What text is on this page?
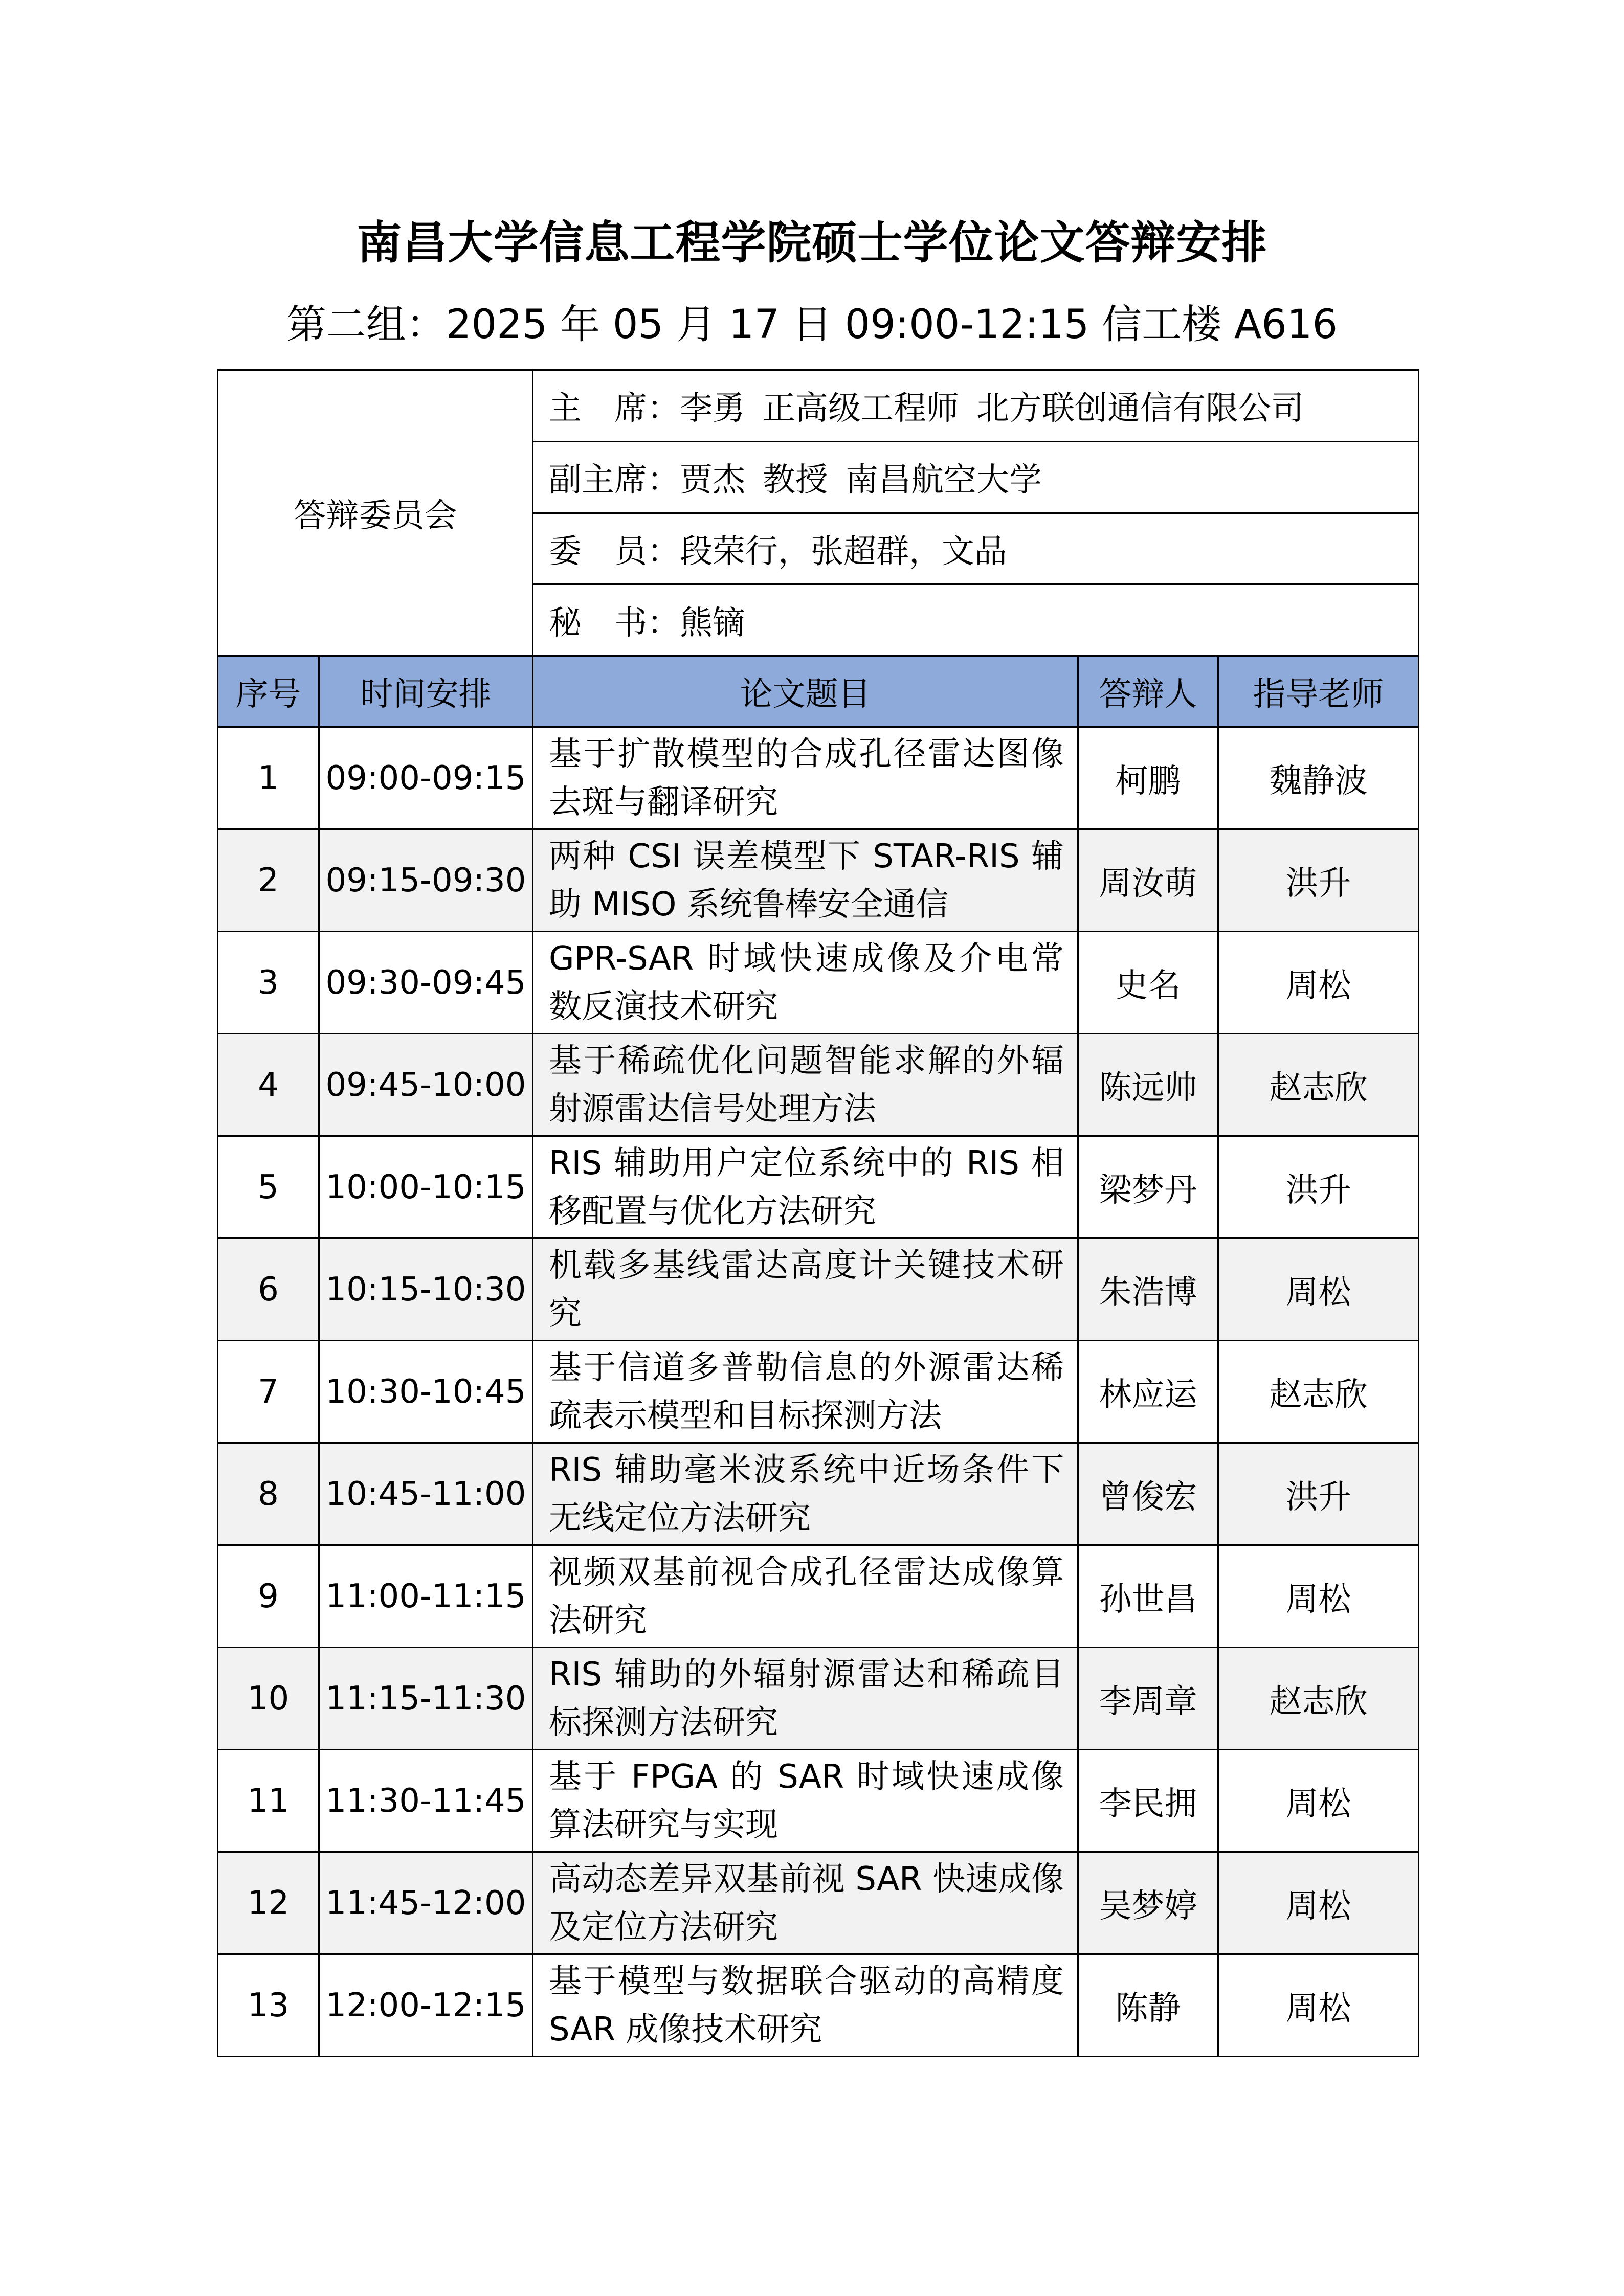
南昌大学信息工程学院硕士学位论文答辩安排
第二组：2025 年 05 月 17 日 09:00-12:15 信工楼 A616
答辩委员会		主　席：李勇 正高级工程师 北方联创通信有限公司		
		副主席：贾杰 教授 南昌航空大学		
		委　员：段荣行，张超群，文品		
		秘　书：熊镝		
序号	时间安排	论文题目	答辩人	指导老师
1	09:00-09:15	基于扩散模型的合成孔径雷达图像去斑与翻译研究	柯鹏	魏静波
2	09:15-09:30	两种 CSI 误差模型下 STAR-RIS 辅助 MISO 系统鲁棒安全通信	周汝萌	洪升
3	09:30-09:45	GPR-SAR 时域快速成像及介电常数反演技术研究	史名	周松
4	09:45-10:00	基于稀疏优化问题智能求解的外辐射源雷达信号处理方法	陈远帅	赵志欣
5	10:00-10:15	RIS 辅助用户定位系统中的 RIS 相移配置与优化方法研究	梁梦丹	洪升
6	10:15-10:30	机载多基线雷达高度计关键技术研究	朱浩博	周松
7	10:30-10:45	基于信道多普勒信息的外源雷达稀疏表示模型和目标探测方法	林应运	赵志欣
8	10:45-11:00	RIS 辅助毫米波系统中近场条件下无线定位方法研究	曾俊宏	洪升
9	11:00-11:15	视频双基前视合成孔径雷达成像算法研究	孙世昌	周松
10	11:15-11:30	RIS 辅助的外辐射源雷达和稀疏目标探测方法研究	李周章	赵志欣
11	11:30-11:45	基于 FPGA 的 SAR 时域快速成像算法研究与实现	李民拥	周松
12	11:45-12:00	高动态差异双基前视 SAR 快速成像及定位方法研究	吴梦婷	周松
13	12:00-12:15	基于模型与数据联合驱动的高精度 SAR 成像技术研究	陈静	周松
